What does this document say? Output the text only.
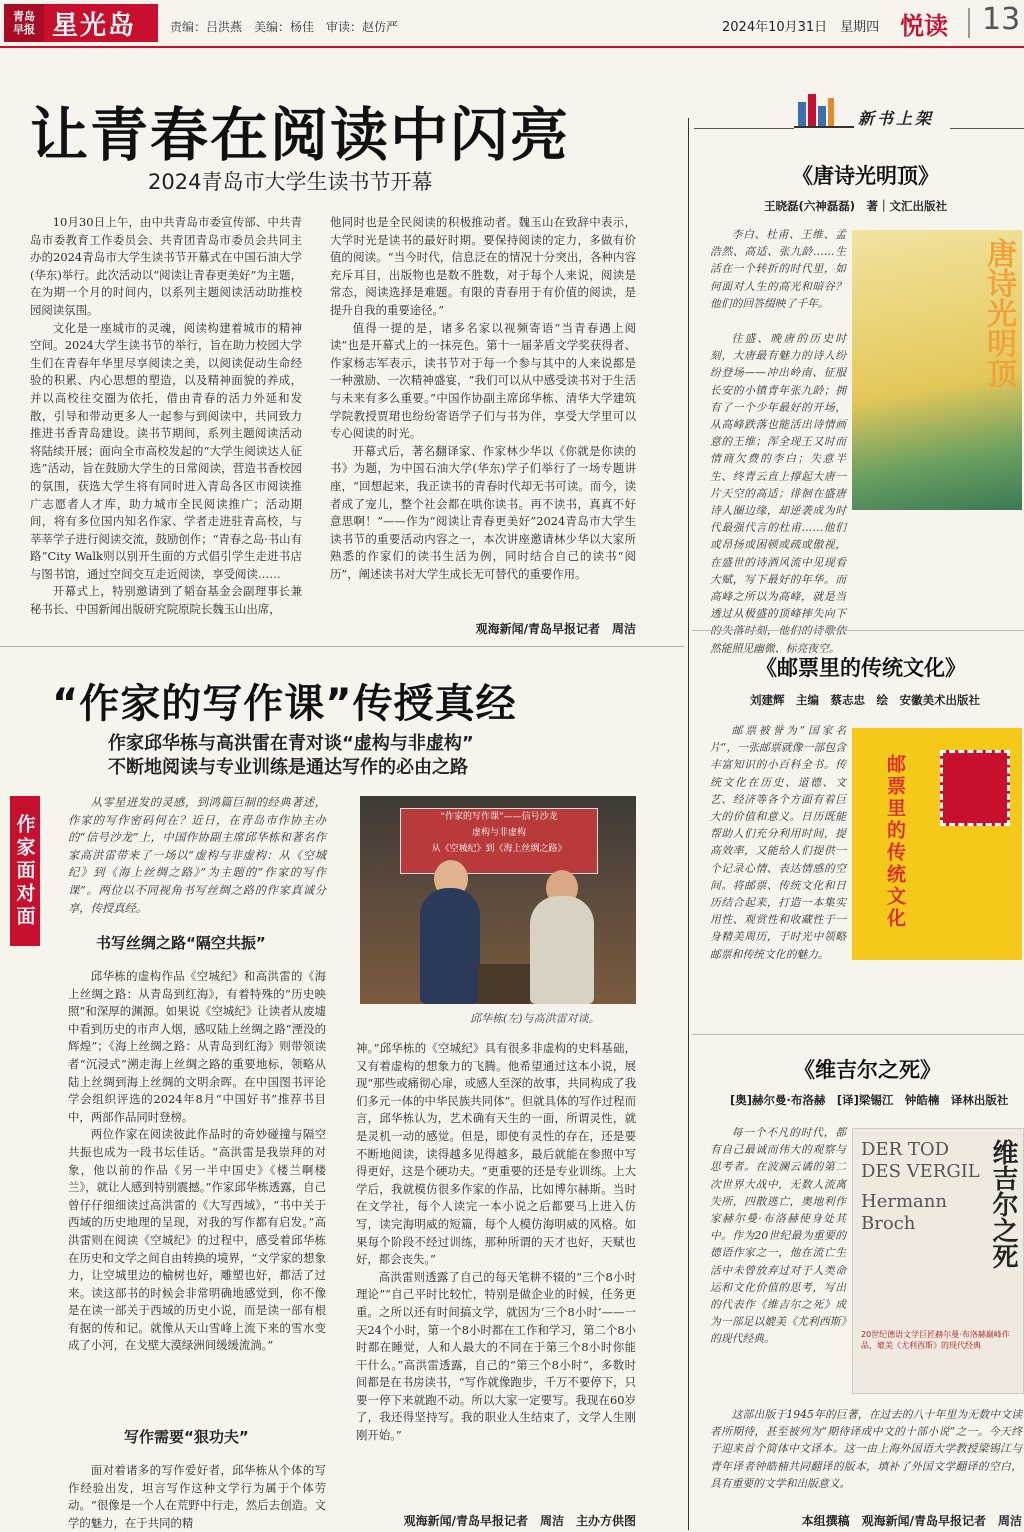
青岛
早报 星光岛	责编：吕洪燕　美编：杨佳　审读：赵仿严	2024年10月31日　星期四 悦读 13
让青春在阅读中闪亮
2024青岛市大学生读书节开幕

10月30日上午，由中共青岛市委宣传部、中共青岛市委教育工作委员会、共青团青岛市委员会共同主办的2024青岛市大学生读书节开幕式在中国石油大学(华东)举行。此次活动以“阅读让青春更美好”为主题，在为期一个月的时间内，以系列主题阅读活动助推校园阅读氛围。

文化是一座城市的灵魂，阅读构建着城市的精神空间。2024大学生读书节的举行，旨在助力校园大学生们在青春年华里尽享阅读之美，以阅读促动生命经验的积累、内心思想的塑造，以及精神面貌的养成，并以高校往交圈为依托，借由青春的活力外延和发散，引导和带动更多人一起参与到阅读中，共同致力推进书香青岛建设。读书节期间，系列主题阅读活动将陆续开展；面向全市高校发起的“大学生阅读达人征选”活动，旨在鼓励大学生的日常阅读，营造书香校园的氛围，获选大学生将有同时进入青岛各区市阅读推广志愿者人才库，助力城市全民阅读推广；活动期间，将有多位国内知名作家、学者走进驻青高校，与莘莘学子进行阅读交流，鼓励创作；“青春之岛·书山有路”City Walk则以别开生面的方式倡引学生走进书店与图书馆，通过空间交互走近阅读，享受阅读……

开幕式上，特别邀请到了韬奋基金会副理事长兼秘书长、中国新闻出版研究院原院长魏玉山出席，

他同时也是全民阅读的积极推动者。魏玉山在致辞中表示，大学时光是读书的最好时期。要保持阅读的定力，多做有价值的阅读。“当今时代，信息泛在的情况十分突出，各种内容充斥耳目，出版物也是数不胜数，对于每个人来说，阅读是常态，阅读选择是难题。有限的青春用于有价值的阅读，是提升自我的重要途径。”

值得一提的是，诸多名家以视频寄语“当青春遇上阅读”也是开幕式上的一抹亮色。第十一届茅盾文学奖获得者、作家杨志军表示，读书节对于每一个参与其中的人来说都是一种激励、一次精神盛宴，“我们可以从中感受读书对于生活与未来有多么重要。”中国作协副主席邱华栋、清华大学建筑学院教授贾珺也纷纷寄语学子们与书为伴，享受大学里可以专心阅读的时光。

开幕式后，著名翻译家、作家林少华以《你就是你读的书》为题，为中国石油大学(华东)学子们举行了一场专题讲座，“回想起来，我正读书的青春时代却无书可读。而今，读者成了宠儿，整个社会都在哄你读书。再不读书，真真不好意思啊！”——作为“阅读让青春更美好”2024青岛市大学生读书节的重要活动内容之一，本次讲座邀请林少华以大家所熟悉的作家们的读书生活为例，同时结合自己的读书“阅历”，阐述读书对大学生成长无可替代的重要作用。

观海新闻/青岛早报记者　周洁
“作家的写作课”传授真经
作家邱华栋与高洪雷在青对谈“虚构与非虚构”
不断地阅读与专业训练是通达写作的必由之路
作家面对面
从零星迸发的灵感，到鸿篇巨制的经典著述，作家的写作密码何在？近日，在青岛市作协主办的“信号沙龙”上，中国作协副主席邱华栋和著名作家高洪雷带来了一场以“虚构与非虚构：从《空城纪》到《海上丝绸之路》”为主题的“作家的写作课”。两位以不同视角书写丝绸之路的作家真诚分享，传授真经。
书写丝绸之路“隔空共振”

邱华栋的虚构作品《空城纪》和高洪雷的《海上丝绸之路：从青岛到红海》，有着特殊的“历史映照”和深厚的渊源。如果说《空城纪》让读者从废墟中看到历史的市声人烟，感叹陆上丝绸之路“湮没的辉煌”；《海上丝绸之路：从青岛到红海》则带领读者“沉浸式”溯走海上丝绸之路的重要地标，领略从陆上丝绸到海上丝绸的文明余晖。在中国图书评论学会组织评选的2024年8月“中国好书”推荐书目中，两部作品同时登榜。

两位作家在阅读彼此作品时的奇妙碰撞与隔空共振也成为一段书坛佳话。“高洪雷是我崇拜的对象，他以前的作品《另一半中国史》《楼兰啊楼兰》，就让人感到特别震撼。”作家邱华栋透露，自己曾仔仔细细读过高洪雷的《大写西域》，“书中关于西域的历史地理的呈现，对我的写作都有启发。”高洪雷则在阅读《空城纪》的过程中，感受着邱华栋在历史和文学之间自由转换的境界，“文学家的想象力，让空城里边的榆树也好，雕塑也好，都活了过来。读这部书的时候会非常明确地感觉到，你不像是在读一部关于西域的历史小说，而是读一部有根有据的传和记。就像从天山雪峰上流下来的雪水变成了小河，在戈壁大漠绿洲间缓缓流淌。”

写作需要“狠功夫”

面对着诸多的写作爱好者，邱华栋从个体的写作经验出发，坦言写作这种文学行为属于个体劳动。“很像是一个人在荒野中行走，然后去创造。文学的魅力，在于共同的精

“作家的写作课”——信号沙龙
虚构与非虚构
从《空城纪》到《海上丝绸之路》
邱华栋(左)与高洪雷对谈。

神。”邱华栋的《空城纪》具有很多非虚构的史料基础，又有着虚构的想象力的飞腾。他希望通过这本小说，展现“那些或痛彻心扉，或感人至深的故事，共同构成了我们多元一体的中华民族共同体”。但就具体的写作过程而言，邱华栋认为，艺术确有天生的一面，所谓灵性，就是灵机一动的感觉。但是，即使有灵性的存在，还是要不断地阅读，读得越多见得越多，最后就能在参照中写得更好，这是个硬功夫。“更重要的还是专业训练。上大学后，我就模仿很多作家的作品，比如博尔赫斯。当时在文学社，每个人读完一本小说之后都要马上进入仿写，读完海明威的短篇，每个人模仿海明威的风格。如果每个阶段不经过训练，那种所谓的天才也好，天赋也好，都会丧失。”

高洪雷则透露了自己的每天笔耕不辍的“三个8小时理论”“自己平时比较忙，特别是做企业的时候，任务更重。之所以还有时间搞文学，就因为‘三个8小时’——一天24个小时，第一个8小时都在工作和学习，第二个8小时都在睡觉，人和人最大的不同在于第三个8小时你能干什么。”高洪雷透露，自己的“第三个8小时”，多数时间都是在书房读书，“写作就像跑步，千万不要停下，只要一停下来就跑不动。所以大家一定要写。我现在60岁了，我还得坚持写。我的职业人生结束了，文学人生刚刚开始。”

观海新闻/青岛早报记者　周洁　主办方供图
新书上架
《唐诗光明顶》
王晓磊(六神磊磊)　著｜文汇出版社
唐诗光明顶

李白、杜甫、王维、孟浩然、高适、张九龄……生活在一个转折的时代里，如何面对人生的高光和暗谷？他们的回答缀映了千年。

往盛、晚唐的历史时刻，大唐最有魅力的诗人纷纷登场——冲出岭南、征服长安的小镇青年张九龄；拥有了一个少年最好的开场，从高峰跌落也能活出诗情画意的王维；浑全现王又时而情商欠费的李白；失意半生、终青云直上撑起大唐一片天空的高适；徘徊在盛唐诗人圈边缘，却逆袭成为时代最强代言的杜甫……他们或昂扬或困顿或疏或傲视，在盛世的诗酒风流中见现看大赋，写下最好的年华。而高峰之所以为高峰，就是当透过从极盛的顶峰摔失向下 然能照见幽微、标亮夜空。

《邮票里的传统文化》
刘建辉　主编　蔡志忠　绘　安徽美术出版社
邮票里的传统文化

邮票被誉为“国家名片”，一张邮票就像一部包含丰富知识的小百科全书。传统文化在历史、道德、文艺、经济等各个方面有着巨大的价值和意义。日历既能帮助人们充分利用时间，提高效率，又能给人们提供一个记录心情、表达情感的空间。将邮票、传统文化和日历结合起来，打造一本集实用性、观赏性和收藏性于一身精美周历，于时光中领略邮票和传统文化的魅力。

《维吉尔之死》
[奥]赫尔曼·布洛赫　[译]梁锡江　钟皓楠　译林出版社
DER TOD
DES VERGIL
Hermann
Broch	维吉尔之死
20世纪德语文学巨匠赫尔曼·布洛赫巅峰作品，媲美《尤利西斯》的现代经典

每一个不凡的时代，都有自己最诚而伟大的观察与思考者。在波澜云谲的第二次世界大战中，无数人流离失所，四散逃亡，奥地利作家赫尔曼·布洛赫使身处其中。作为20世纪最为重要的德语作家之一，他在流亡生活中未曾放弃过对于人类命运和文化价值的思考，写出的代表作《维吉尔之死》成为一部足以媲美《尤利西斯》的现代经典。

这部出版于1945年的巨著，在过去的八十年里为无数中文读者所期待，甚至被列为“期待译成中文的十部小说”之一。今天终于迎来首个简体中文译本。这一由上海外国语大学教授梁锡江与青年译者钟皓楠共同翻译的版本，填补了外国文学翻译的空白，具有重要的文学和出版意义。

本组撰稿　观海新闻/青岛早报记者　周洁
